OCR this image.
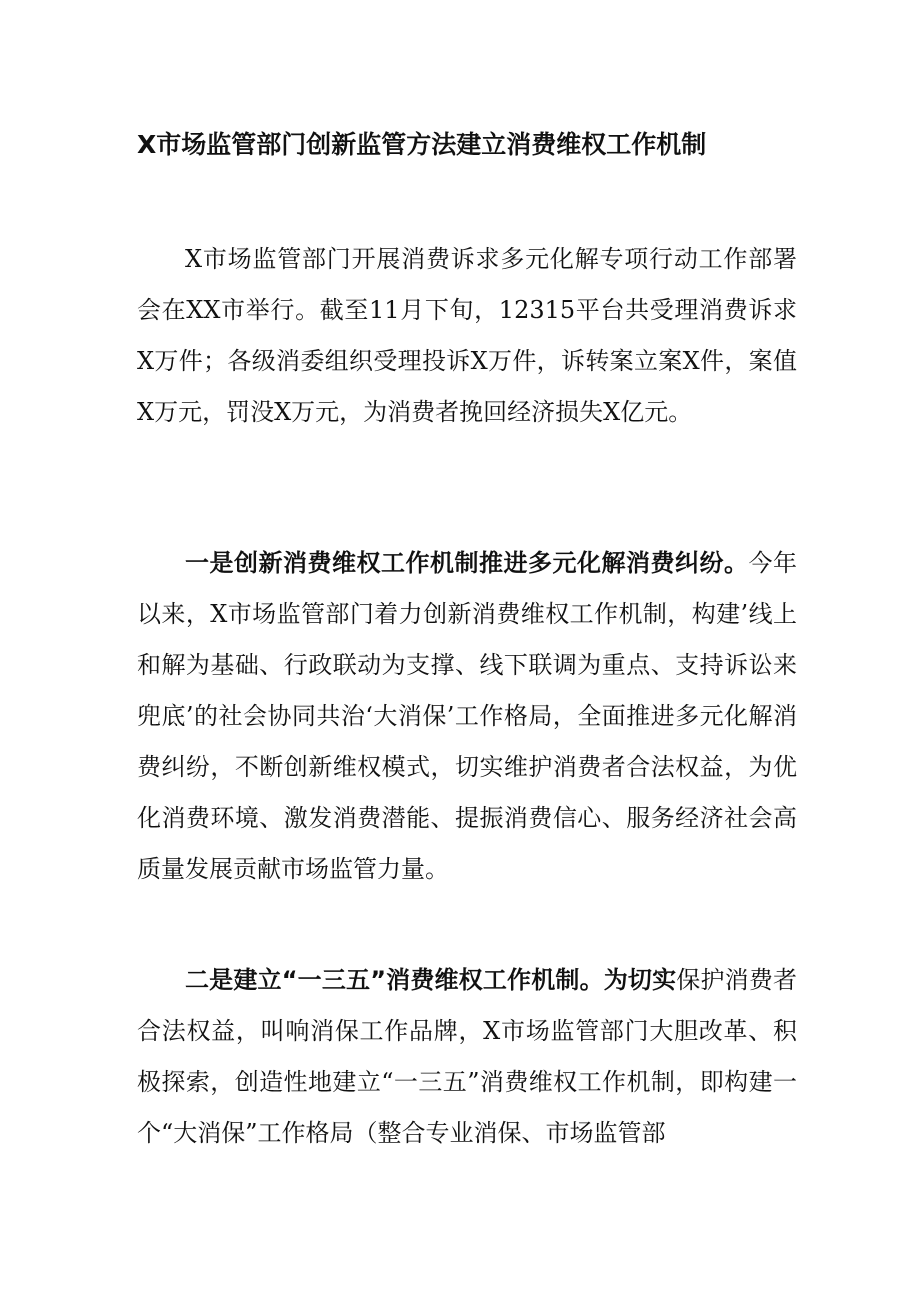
X市场监管部门创新监管方法建立消费维权工作机制

X市场监管部门开展消费诉求多元化解专项行动工作部署会在XX市举行。截至11月下旬，12315平台共受理消费诉求X万件；各级消委组织受理投诉X万件，诉转案立案X件，案值X万元，罚没X万元，为消费者挽回经济损失X亿元。

一是创新消费维权工作机制推进多元化解消费纠纷。今年以来，X市场监管部门着力创新消费维权工作机制，构建’线上和解为基础、行政联动为支撑、线下联调为重点、支持诉讼来兜底’的社会协同共治‘大消保’工作格局，全面推进多元化解消费纠纷，不断创新维权模式，切实维护消费者合法权益，为优化消费环境、激发消费潜能、提振消费信心、服务经济社会高质量发展贡献市场监管力量。

二是建立“一三五”消费维权工作机制。为切实保护消费者合法权益，叫响消保工作品牌，X市场监管部门大胆改革、积极探索，创造性地建立“一三五”消费维权工作机制，即构建一个“大消保”工作格局（整合专业消保、市场监管部
